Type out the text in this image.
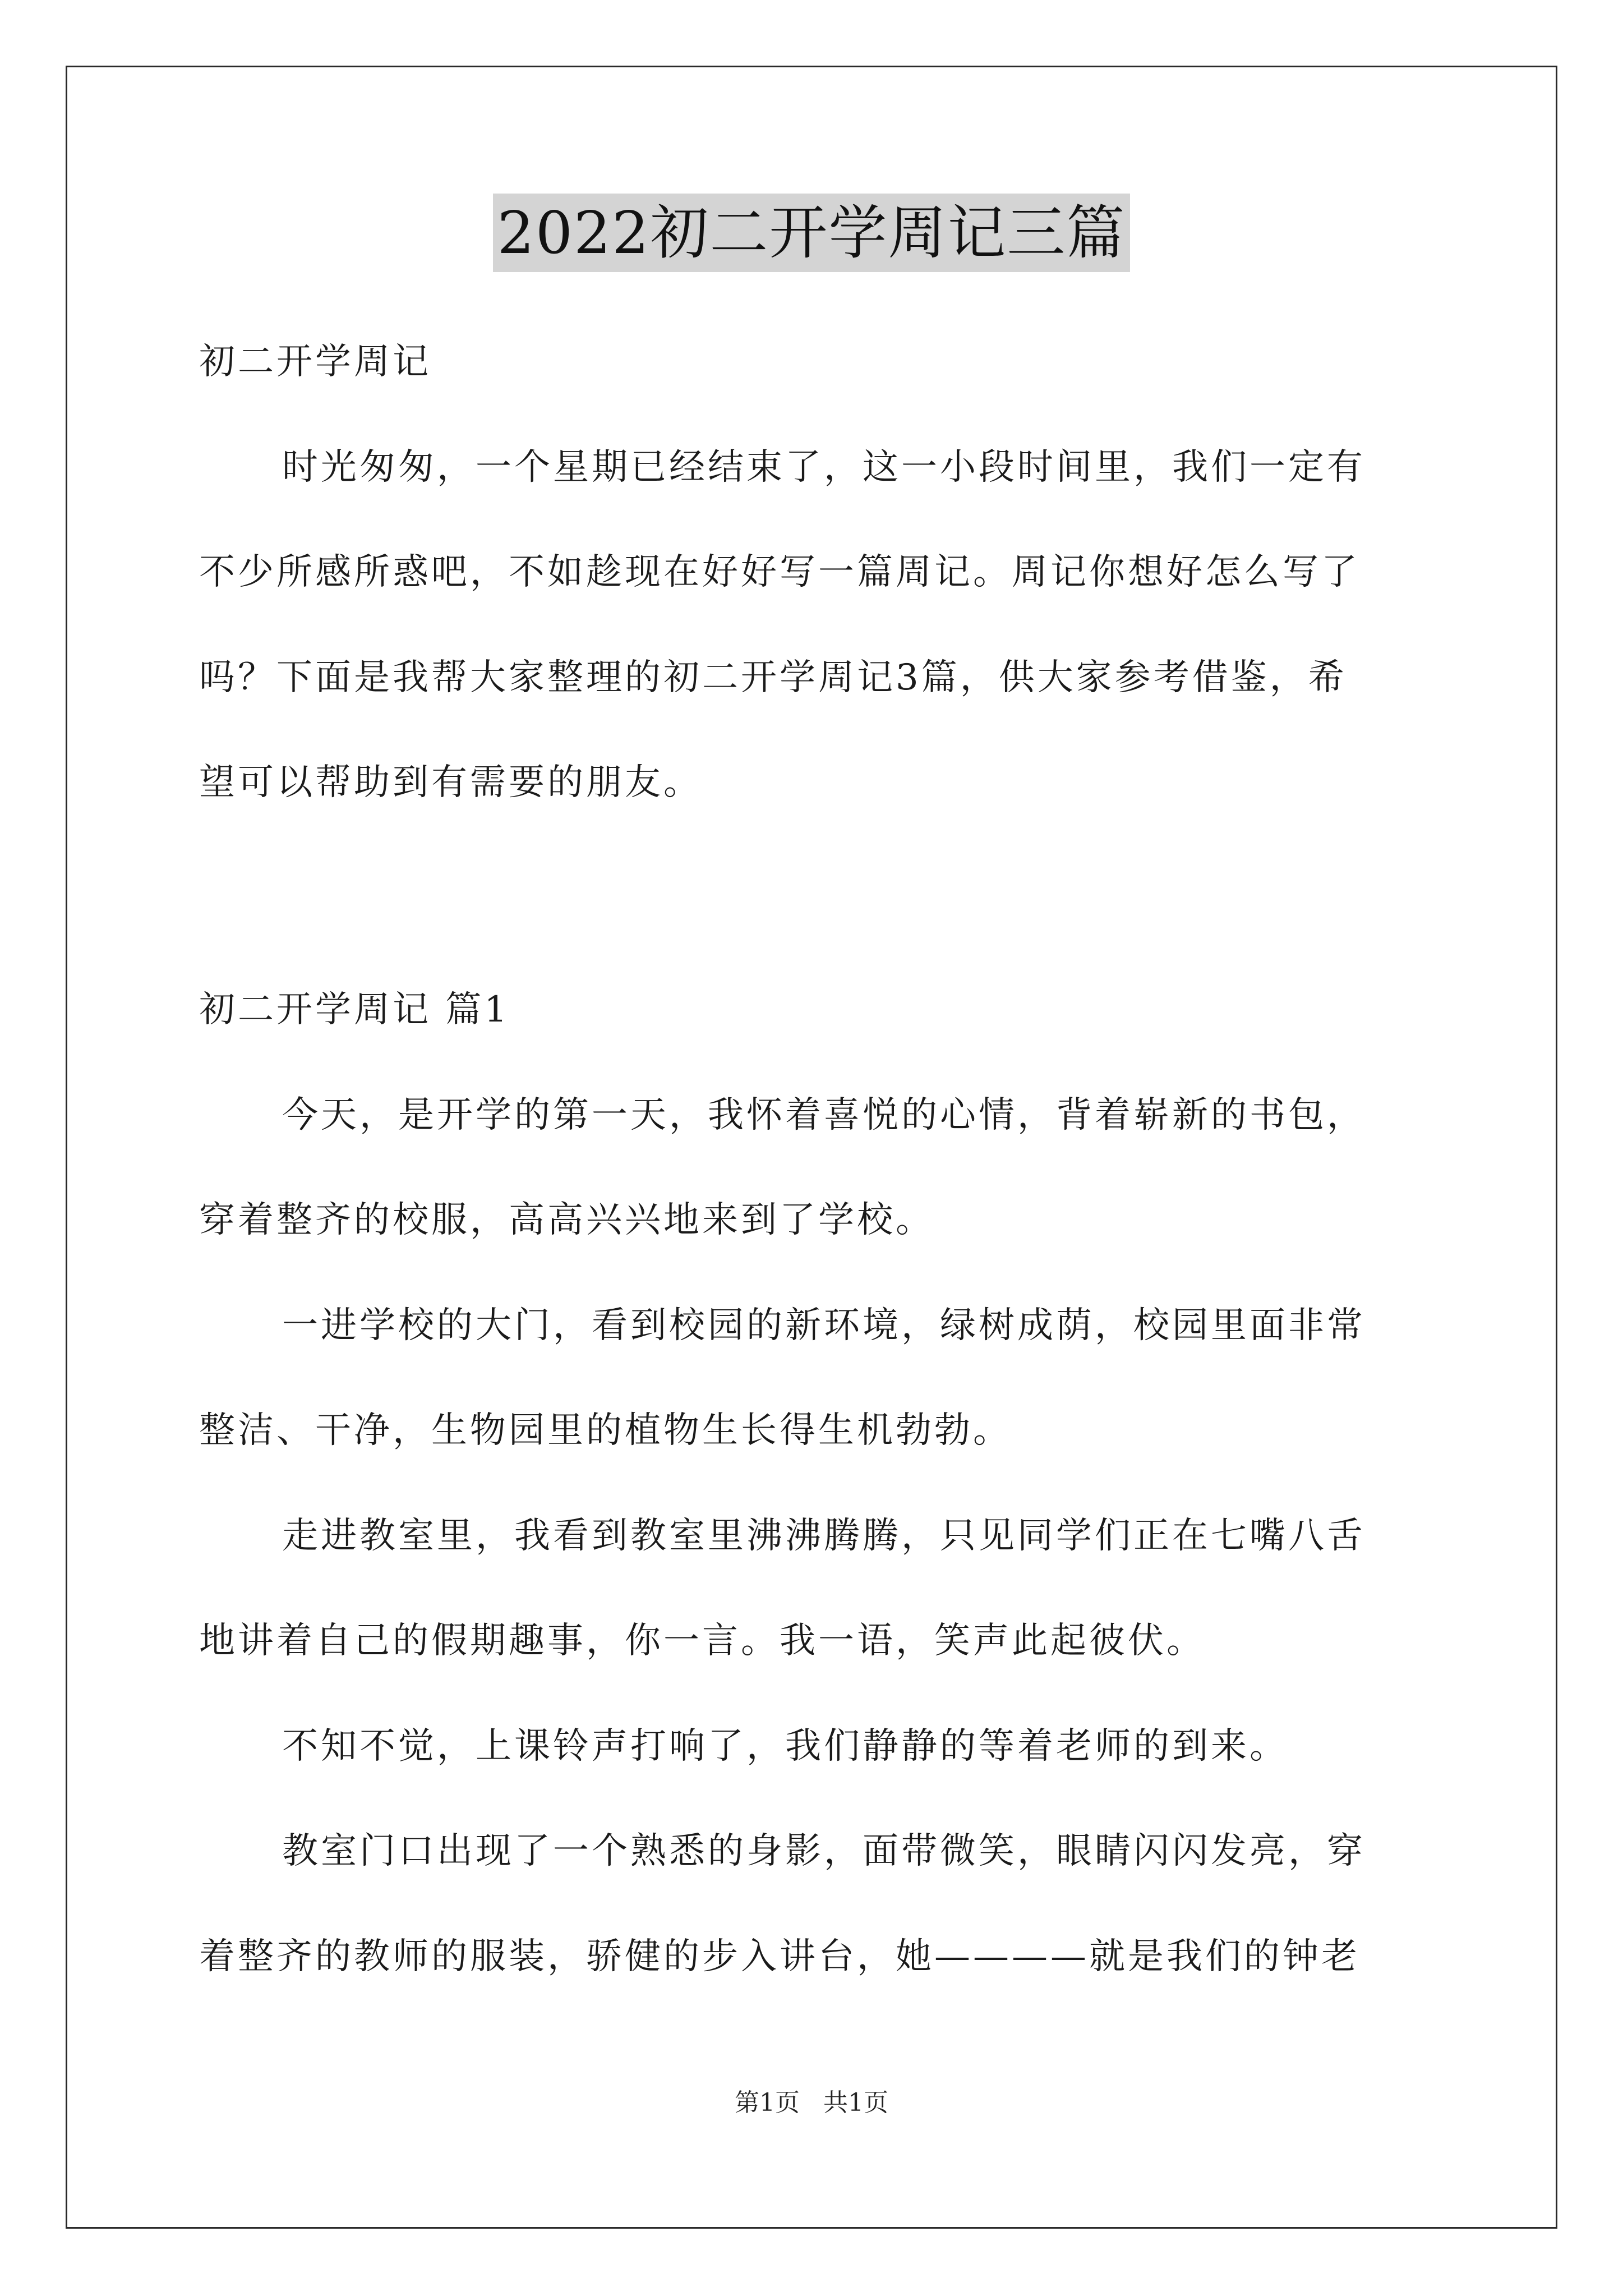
2022初二开学周记三篇
初二开学周记
时光匆匆，一个星期已经结束了，这一小段时间里，我们一定有
不少所感所惑吧，不如趁现在好好写一篇周记。周记你想好怎么写了
吗？下面是我帮大家整理的初二开学周记3篇，供大家参考借鉴，希
望可以帮助到有需要的朋友。
初二开学周记 篇1
今天，是开学的第一天，我怀着喜悦的心情，背着崭新的书包，
穿着整齐的校服，高高兴兴地来到了学校。
一进学校的大门，看到校园的新环境，绿树成荫，校园里面非常
整洁、干净，生物园里的植物生长得生机勃勃。
走进教室里，我看到教室里沸沸腾腾，只见同学们正在七嘴八舌
地讲着自己的假期趣事，你一言。我一语，笑声此起彼伏。
不知不觉，上课铃声打响了，我们静静的等着老师的到来。
教室门口出现了一个熟悉的身影，面带微笑，眼睛闪闪发亮，穿
着整齐的教师的服装，骄健的步入讲台，她————就是我们的钟老
第1页 共1页
